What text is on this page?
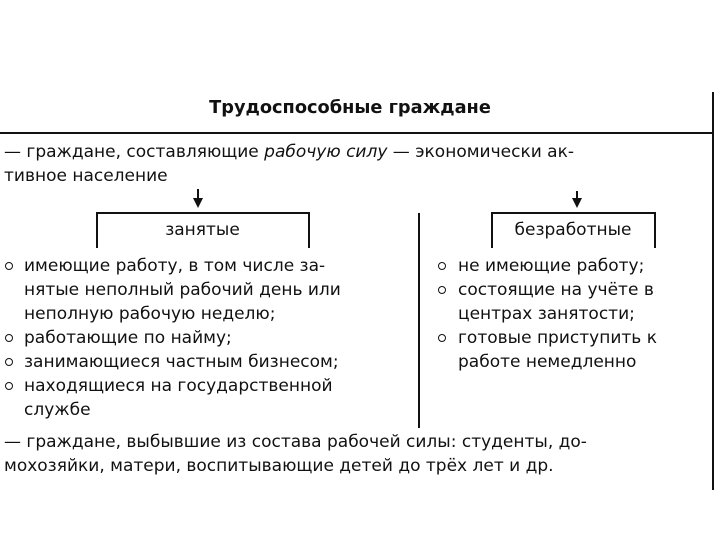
Трудоспособные граждане
— граждане, составляющие рабочую силу — экономически ак-
тивное население
занятые	безработные
имеющие работу, в том числе за-
нятые неполный рабочий день или
неполную рабочую неделю;
работающие по найму;
занимающиеся частным бизнесом;
находящиеся на государственной
службе
не имеющие работу;
состоящие на учёте в
центрах занятости;
готовые приступить к
работе немедленно
— граждане, выбывшие из состава рабочей силы: студенты, до-
мохозяйки, матери, воспитывающие детей до трёх лет и др.
